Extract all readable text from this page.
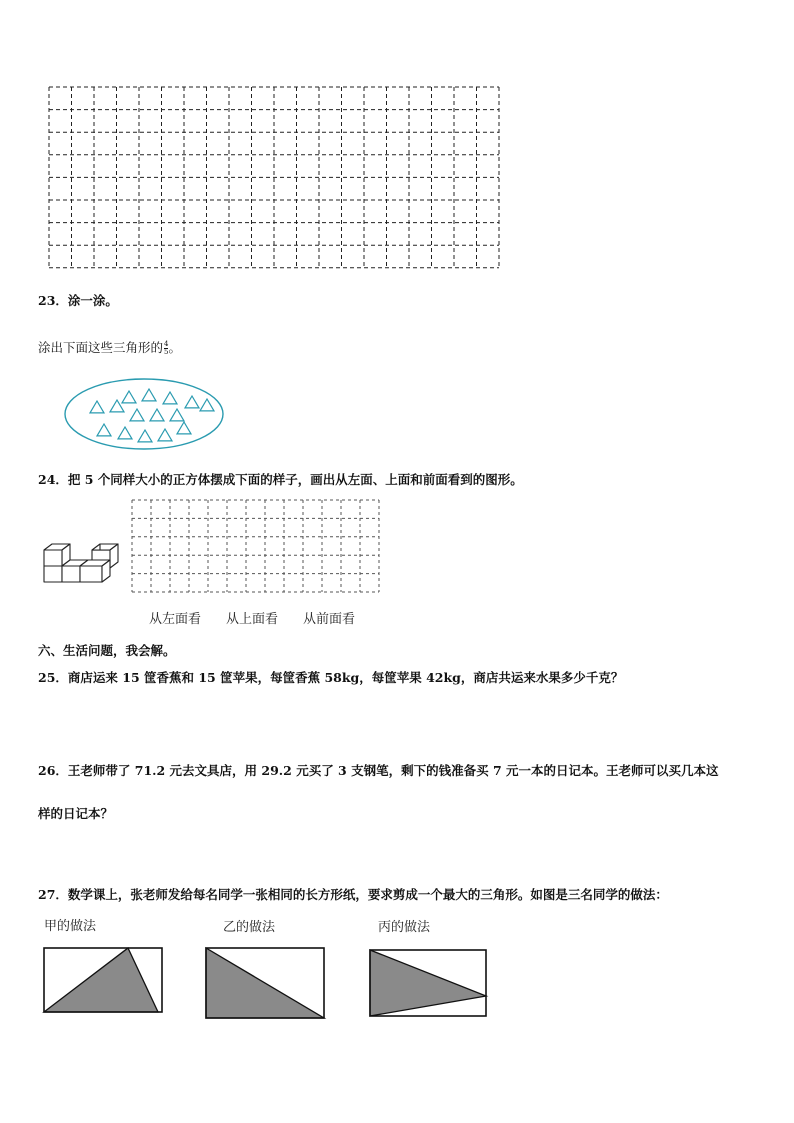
23．涂一涂。
涂出下面这些三角形的 $\frac{4}{5}$ 。
24．把 5 个同样大小的正方体摆成下面的样子，画出从左面、上面和前面看到的图形。
从左面看 从上面看 从前面看
六、生活问题，我会解。
25．商店运来 15 筐香蕉和 15 筐苹果，每筐香蕉 58kg，每筐苹果 42kg，商店共运来水果多少千克？
26．王老师带了 71.2 元去文具店，用 29.2 元买了 3 支钢笔，剩下的钱准备买 7 元一本的日记本。王老师可以买几本这
样的日记本？
27．数学课上，张老师发给每名同学一张相同的长方形纸，要求剪成一个最大的三角形。如图是三名同学的做法：
甲的做法	乙的做法	丙的做法
